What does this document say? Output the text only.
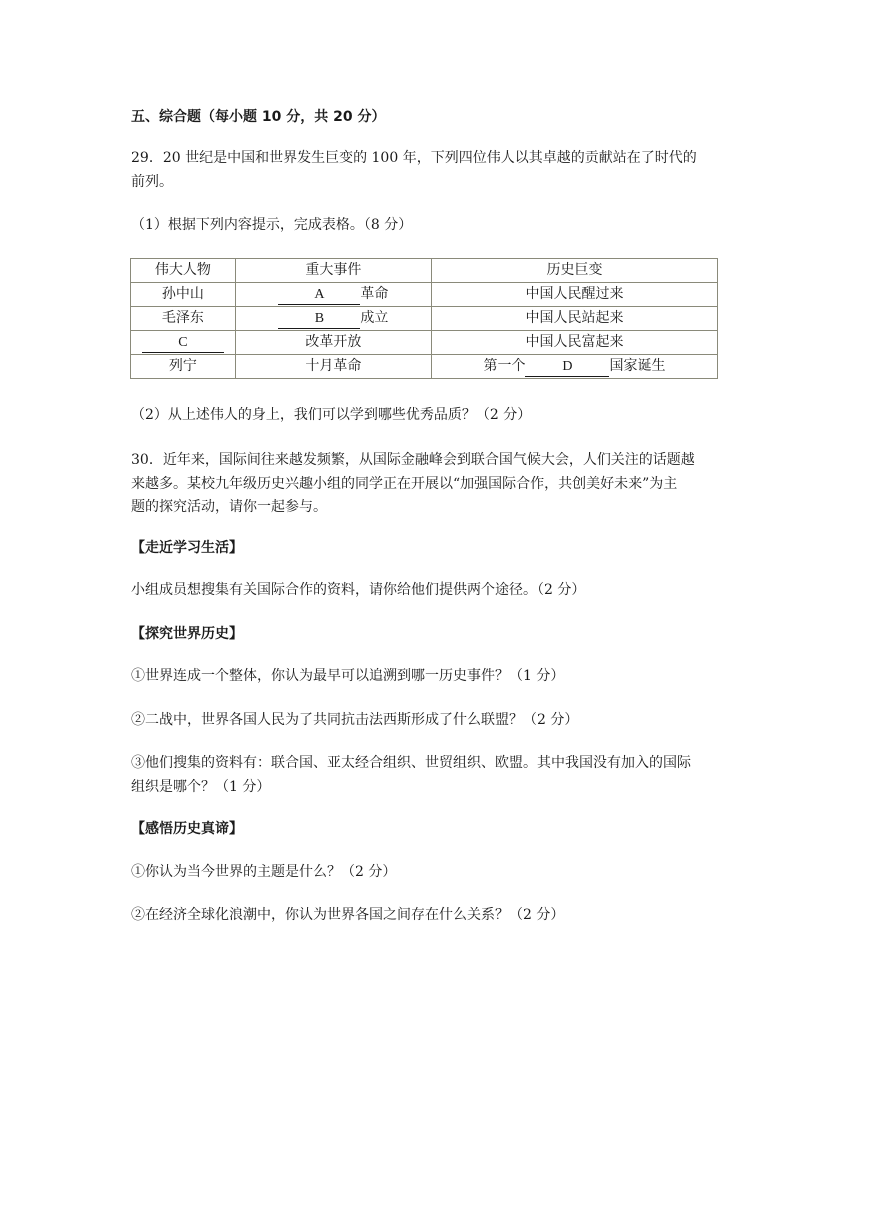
五、综合题（每小题 10 分，共 20 分）
29．20 世纪是中国和世界发生巨变的 100 年，下列四位伟人以其卓越的贡献站在了时代的
前列。
（1）根据下列内容提示，完成表格。（8 分）
伟大人物	重大事件	历史巨变
孙中山	A 革命	中国人民醒过来
毛泽东	B 成立	中国人民站起来
C	改革开放	中国人民富起来
列宁	十月革命	第一个 D 国家诞生
（2）从上述伟人的身上，我们可以学到哪些优秀品质？（2 分）
30．近年来，国际间往来越发频繁，从国际金融峰会到联合国气候大会，人们关注的话题越
来越多。某校九年级历史兴趣小组的同学正在开展以“加强国际合作，共创美好未来”为主
题的探究活动，请你一起参与。
【走近学习生活】
小组成员想搜集有关国际合作的资料，请你给他们提供两个途径。（2 分）
【探究世界历史】
①世界连成一个整体，你认为最早可以追溯到哪一历史事件？（1 分）
②二战中，世界各国人民为了共同抗击法西斯形成了什么联盟？（2 分）
③他们搜集的资料有：联合国、亚太经合组织、世贸组织、欧盟。其中我国没有加入的国际
组织是哪个？（1 分）
【感悟历史真谛】
①你认为当今世界的主题是什么？（2 分）
②在经济全球化浪潮中，你认为世界各国之间存在什么关系？（2 分）
